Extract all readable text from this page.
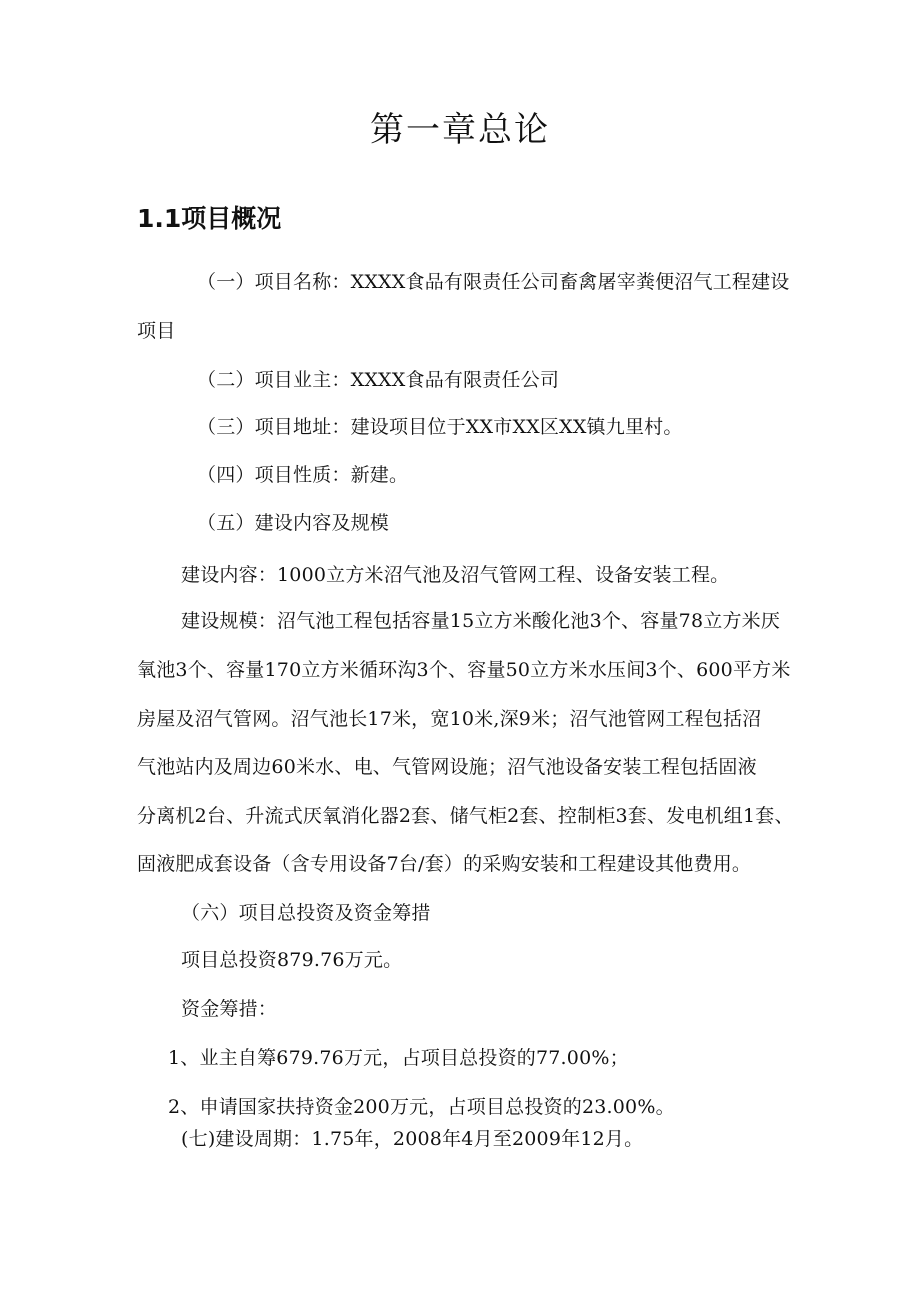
第一章总论
1.1项目概况
（一）项目名称：XXXX食品有限责任公司畜禽屠宰粪便沼气工程建设
项目
（二）项目业主：XXXX食品有限责任公司
（三）项目地址：建设项目位于XX市XX区XX镇九里村。
（四）项目性质：新建。
（五）建设内容及规模
建设内容：1000立方米沼气池及沼气管网工程、设备安装工程。
建设规模：沼气池工程包括容量15立方米酸化池3个、容量78立方米厌
氧池3个、容量170立方米循环沟3个、容量50立方米水压间3个、600平方米
房屋及沼气管网。沼气池长17米，宽10米,深9米；沼气池管网工程包括沼
气池站内及周边60米水、电、气管网设施；沼气池设备安装工程包括固液
分离机2台、升流式厌氧消化器2套、储气柜2套、控制柜3套、发电机组1套、
固液肥成套设备（含专用设备7台/套）的采购安装和工程建设其他费用。
（六）项目总投资及资金筹措
项目总投资879.76万元。
资金筹措：
1、业主自筹679.76万元，占项目总投资的77.00%；
2、申请国家扶持资金200万元，占项目总投资的23.00%。
(七)建设周期：1.75年，2008年4月至2009年12月。
